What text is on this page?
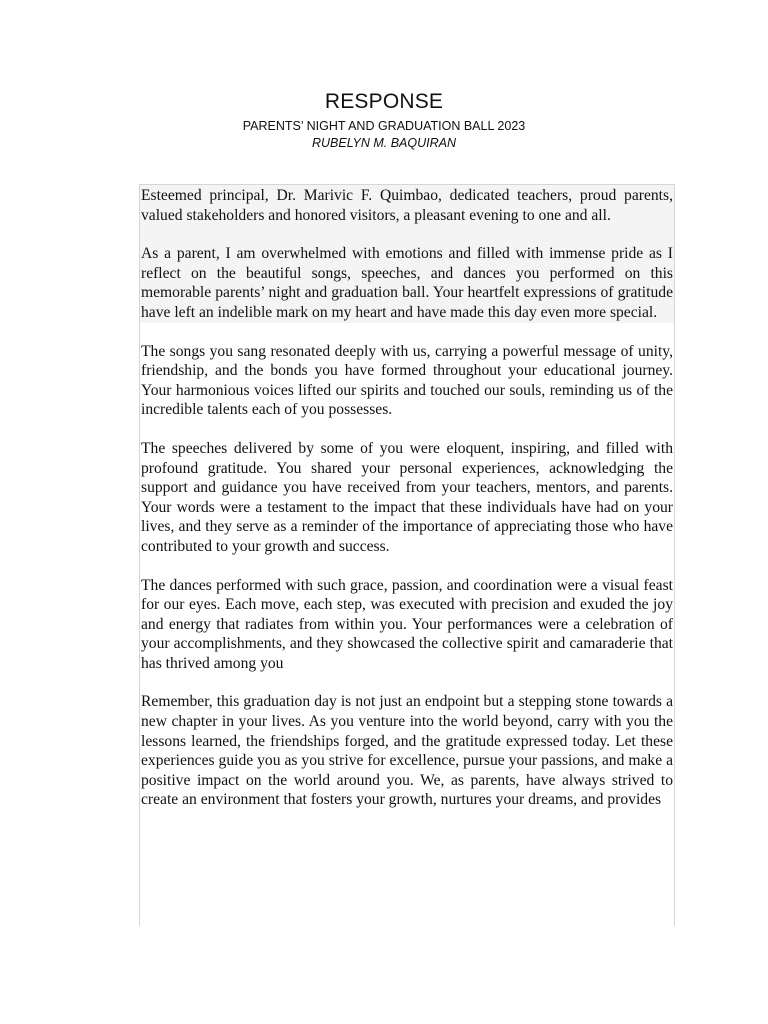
RESPONSE
PARENTS’ NIGHT AND GRADUATION BALL 2023
RUBELYN M. BAQUIRAN

Esteemed principal, Dr. Marivic F. Quimbao, dedicated teachers, proud parents, valued stakeholders and honored visitors, a pleasant evening to one and all.

As a parent, I am overwhelmed with emotions and filled with immense pride as I reflect on the beautiful songs, speeches, and dances you performed on this memorable parents’ night and graduation ball. Your heartfelt expressions of gratitude have left an indelible mark on my heart and have made this day even more special.

The songs you sang resonated deeply with us, carrying a powerful message of unity, friendship, and the bonds you have formed throughout your educational journey. Your harmonious voices lifted our spirits and touched our souls, reminding us of the incredible talents each of you possesses.

The speeches delivered by some of you were eloquent, inspiring, and filled with profound gratitude. You shared your personal experiences, acknowledging the support and guidance you have received from your teachers, mentors, and parents. Your words were a testament to the impact that these individuals have had on your lives, and they serve as a reminder of the importance of appreciating those who have contributed to your growth and success.

The dances performed with such grace, passion, and coordination were a visual feast for our eyes. Each move, each step, was executed with precision and exuded the joy and energy that radiates from within you. Your performances were a celebration of your accomplishments, and they showcased the collective spirit and camaraderie that has thrived among you

Remember, this graduation day is not just an endpoint but a stepping stone towards a new chapter in your lives. As you venture into the world beyond, carry with you the lessons learned, the friendships forged, and the gratitude expressed today. Let these experiences guide you as you strive for excellence, pursue your passions, and make a positive impact on the world around you. We, as parents, have always strived to create an environment that fosters your growth, nurtures your dreams, and provides
